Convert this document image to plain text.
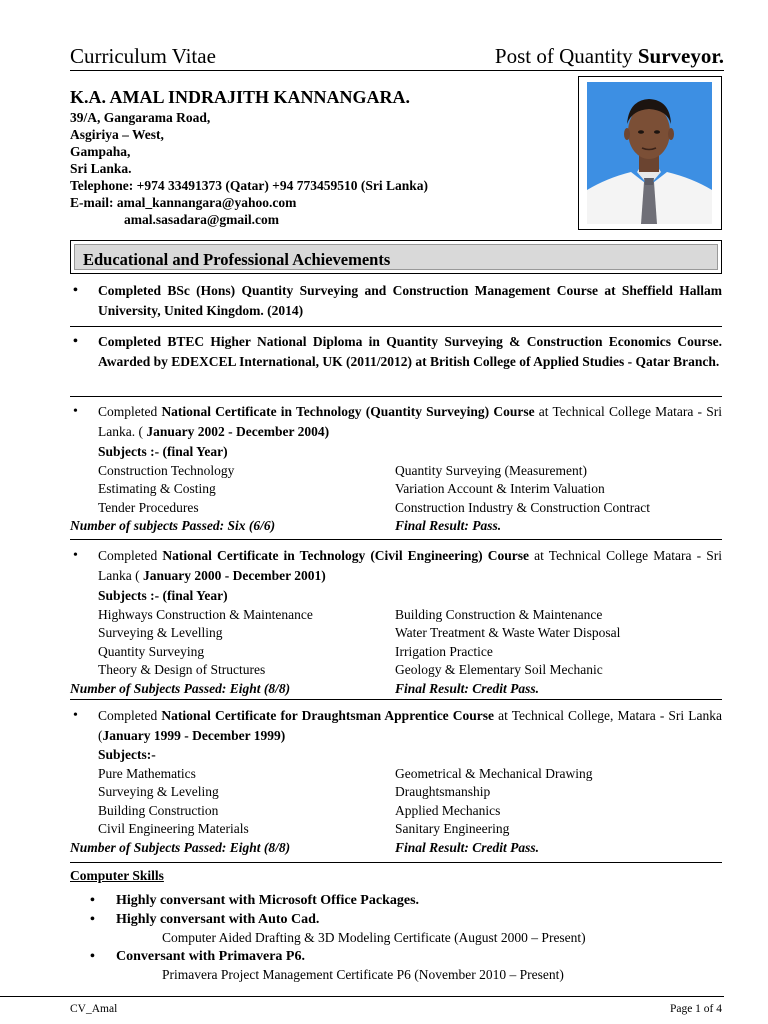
Curriculum Vitae	Post of Quantity Surveyor.
K.A. AMAL INDRAJITH KANNANGARA.
39/A, Gangarama Road,
Asgiriya – West,
Gampaha,
Sri Lanka.
Telephone: +974 33491373 (Qatar) +94 773459510 (Sri Lanka)
E-mail: amal_kannangara@yahoo.com
amal.sasadara@gmail.com
Educational and Professional Achievements
• Completed BSc (Hons) Quantity Surveying and Construction Management Course at Sheffield Hallam University, United Kingdom. (2014)
• Completed BTEC Higher National Diploma in Quantity Surveying & Construction Economics Course. Awarded by EDEXCEL International, UK (2011/2012) at British College of Applied Studies - Qatar Branch.
• Completed National Certificate in Technology (Quantity Surveying) Course at Technical College Matara - Sri Lanka. ( January 2002 - December 2004)
Subjects :- (final Year)
Construction Technology	Quantity Surveying (Measurement)
Estimating & Costing	Variation Account & Interim Valuation
Tender Procedures	Construction Industry & Construction Contract
Number of subjects Passed: Six (6/6)	Final Result: Pass.
• Completed National Certificate in Technology (Civil Engineering) Course at Technical College Matara - Sri Lanka ( January 2000 - December 2001)
Subjects :- (final Year)
Highways Construction & Maintenance	Building Construction & Maintenance
Surveying & Levelling	Water Treatment & Waste Water Disposal
Quantity Surveying	Irrigation Practice
Theory & Design of Structures	Geology & Elementary Soil Mechanic
Number of Subjects Passed: Eight (8/8)	Final Result: Credit Pass.
• Completed National Certificate for Draughtsman Apprentice Course at Technical College, Matara - Sri Lanka (January 1999 - December 1999)
Subjects:-
Pure Mathematics	Geometrical & Mechanical Drawing
Surveying & Leveling	Draughtsmanship
Building Construction	Applied Mechanics
Civil Engineering Materials	Sanitary Engineering
Number of Subjects Passed: Eight (8/8)	Final Result: Credit Pass.
Computer Skills
• Highly conversant with Microsoft Office Packages.
• Highly conversant with Auto Cad.
Computer Aided Drafting & 3D Modeling Certificate (August 2000 – Present)
• Conversant with Primavera P6.
Primavera Project Management Certificate P6 (November 2010 – Present)
CV_Amal	Page 1 of 4
